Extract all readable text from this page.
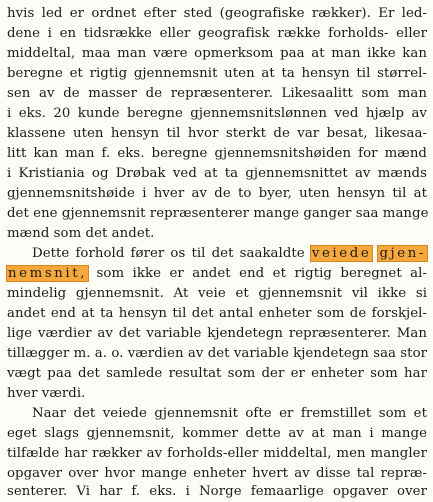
hvis led er ordnet efter sted (geografiske rækker). Er led-
dene i en tidsrække eller geografisk række forholds- eller
middeltal, maa man være opmerksom paa at man ikke kan
beregne et rigtig gjennemsnit uten at ta hensyn til størrel-
sen av de masser de repræsenterer. Likesaalitt som man
i eks. 20 kunde beregne gjennemsnitslønnen ved hjælp av
klassene uten hensyn til hvor sterkt de var besat, likesaa-
litt kan man f. eks. beregne gjennemsnitshøiden for mænd
i Kristiania og Drøbak ved at ta gjennemsnittet av mænds
gjennemsnitshøide i hver av de to byer, uten hensyn til at
det ene gjennemsnit repræsenterer mange ganger saa mange
mænd som det andet.
Dette forhold fører os til det saakaldte veiede gjen-
nemsnit, som ikke er andet end et rigtig beregnet al-
mindelig gjennemsnit. At veie et gjennemsnit vil ikke si
andet end at ta hensyn til det antal enheter som de forskjel-
lige værdier av det variable kjendetegn repræsenterer. Man
tillægger m. a. o. værdien av det variable kjendetegn saa stor
vægt paa det samlede resultat som der er enheter som har
hver værdi.
Naar det veiede gjennemsnit ofte er fremstillet som et
eget slags gjennemsnit, kommer dette av at man i mange
tilfælde har rækker av forholds-eller middeltal, men mangler
opgaver over hvor mange enheter hvert av disse tal repræ-
senterer. Vi har f. eks. i Norge femaarlige opgaver over
